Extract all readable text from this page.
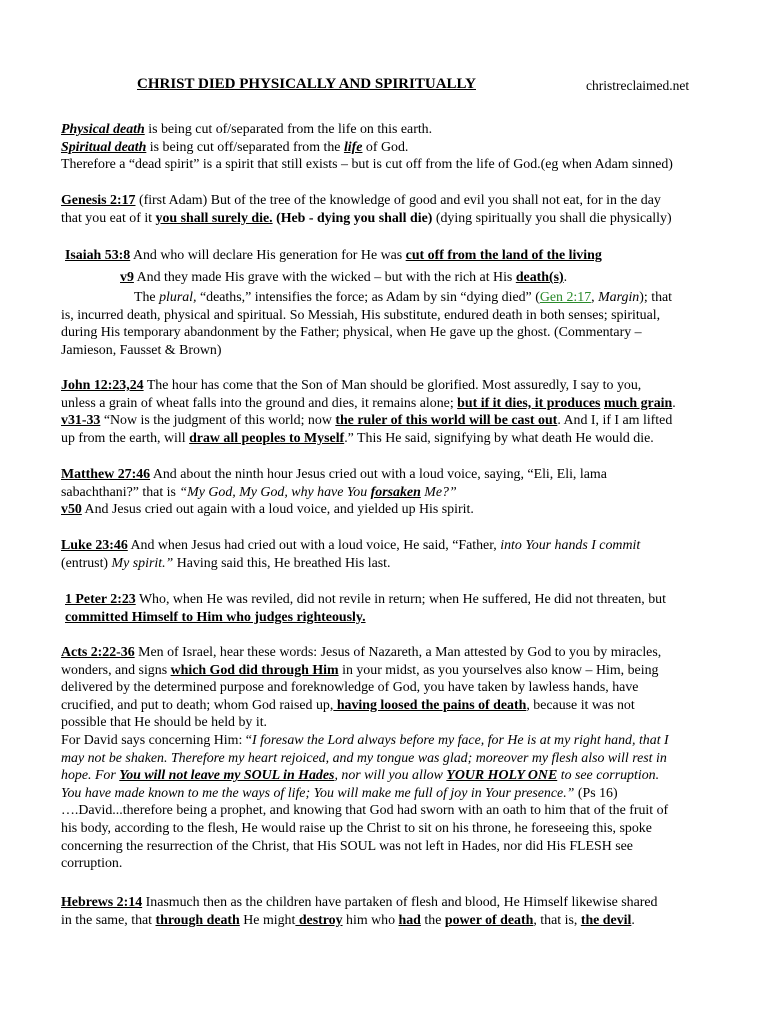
CHRIST DIED PHYSICALLY AND SPIRITUALLY	christreclaimed.net
Physical death is being cut of/separated from the life on this earth.
Spiritual death is being cut off/separated from the life of God.
Therefore a “dead spirit” is a spirit that still exists – but is cut off from the life of God.(eg when Adam sinned)
Genesis 2:17 (first Adam) But of the tree of the knowledge of good and evil you shall not eat, for in the day
that you eat of it you shall surely die. (Heb - dying you shall die) (dying spiritually you shall die physically)
Isaiah 53:8 And who will declare His generation for He was cut off from the land of the living
v9 And they made His grave with the wicked – but with the rich at His death(s).
The plural, “deaths,” intensifies the force; as Adam by sin “dying died” (Gen 2:17, Margin); that
is, incurred death, physical and spiritual. So Messiah, His substitute, endured death in both senses; spiritual,
during His temporary abandonment by the Father; physical, when He gave up the ghost. (Commentary –
Jamieson, Fausset & Brown)
John 12:23,24 The hour has come that the Son of Man should be glorified. Most assuredly, I say to you,
unless a grain of wheat falls into the ground and dies, it remains alone; but if it dies, it produces much grain.
v31-33 “Now is the judgment of this world; now the ruler of this world will be cast out. And I, if I am lifted
up from the earth, will draw all peoples to Myself.” This He said, signifying by what death He would die.
Matthew 27:46 And about the ninth hour Jesus cried out with a loud voice, saying, “Eli, Eli, lama
sabachthani?” that is “My God, My God, why have You forsaken Me?”
v50 And Jesus cried out again with a loud voice, and yielded up His spirit.
Luke 23:46 And when Jesus had cried out with a loud voice, He said, “Father, into Your hands I commit
(entrust) My spirit.” Having said this, He breathed His last.
1 Peter 2:23 Who, when He was reviled, did not revile in return; when He suffered, He did not threaten, but
committed Himself to Him who judges righteously.
Acts 2:22-36 Men of Israel, hear these words: Jesus of Nazareth, a Man attested by God to you by miracles,
wonders, and signs which God did through Him in your midst, as you yourselves also know – Him, being
delivered by the determined purpose and foreknowledge of God, you have taken by lawless hands, have
crucified, and put to death; whom God raised up, having loosed the pains of death, because it was not
possible that He should be held by it.
For David says concerning Him: “I foresaw the Lord always before my face, for He is at my right hand, that I
may not be shaken. Therefore my heart rejoiced, and my tongue was glad; moreover my flesh also will rest in
hope. For You will not leave my SOUL in Hades, nor will you allow YOUR HOLY ONE to see corruption.
You have made known to me the ways of life; You will make me full of joy in Your presence.” (Ps 16)
….David...therefore being a prophet, and knowing that God had sworn with an oath to him that of the fruit of
his body, according to the flesh, He would raise up the Christ to sit on his throne, he foreseeing this, spoke
concerning the resurrection of the Christ, that His SOUL was not left in Hades, nor did His FLESH see
corruption.
Hebrews 2:14 Inasmuch then as the children have partaken of flesh and blood, He Himself likewise shared
in the same, that through death He might destroy him who had the power of death, that is, the devil.
